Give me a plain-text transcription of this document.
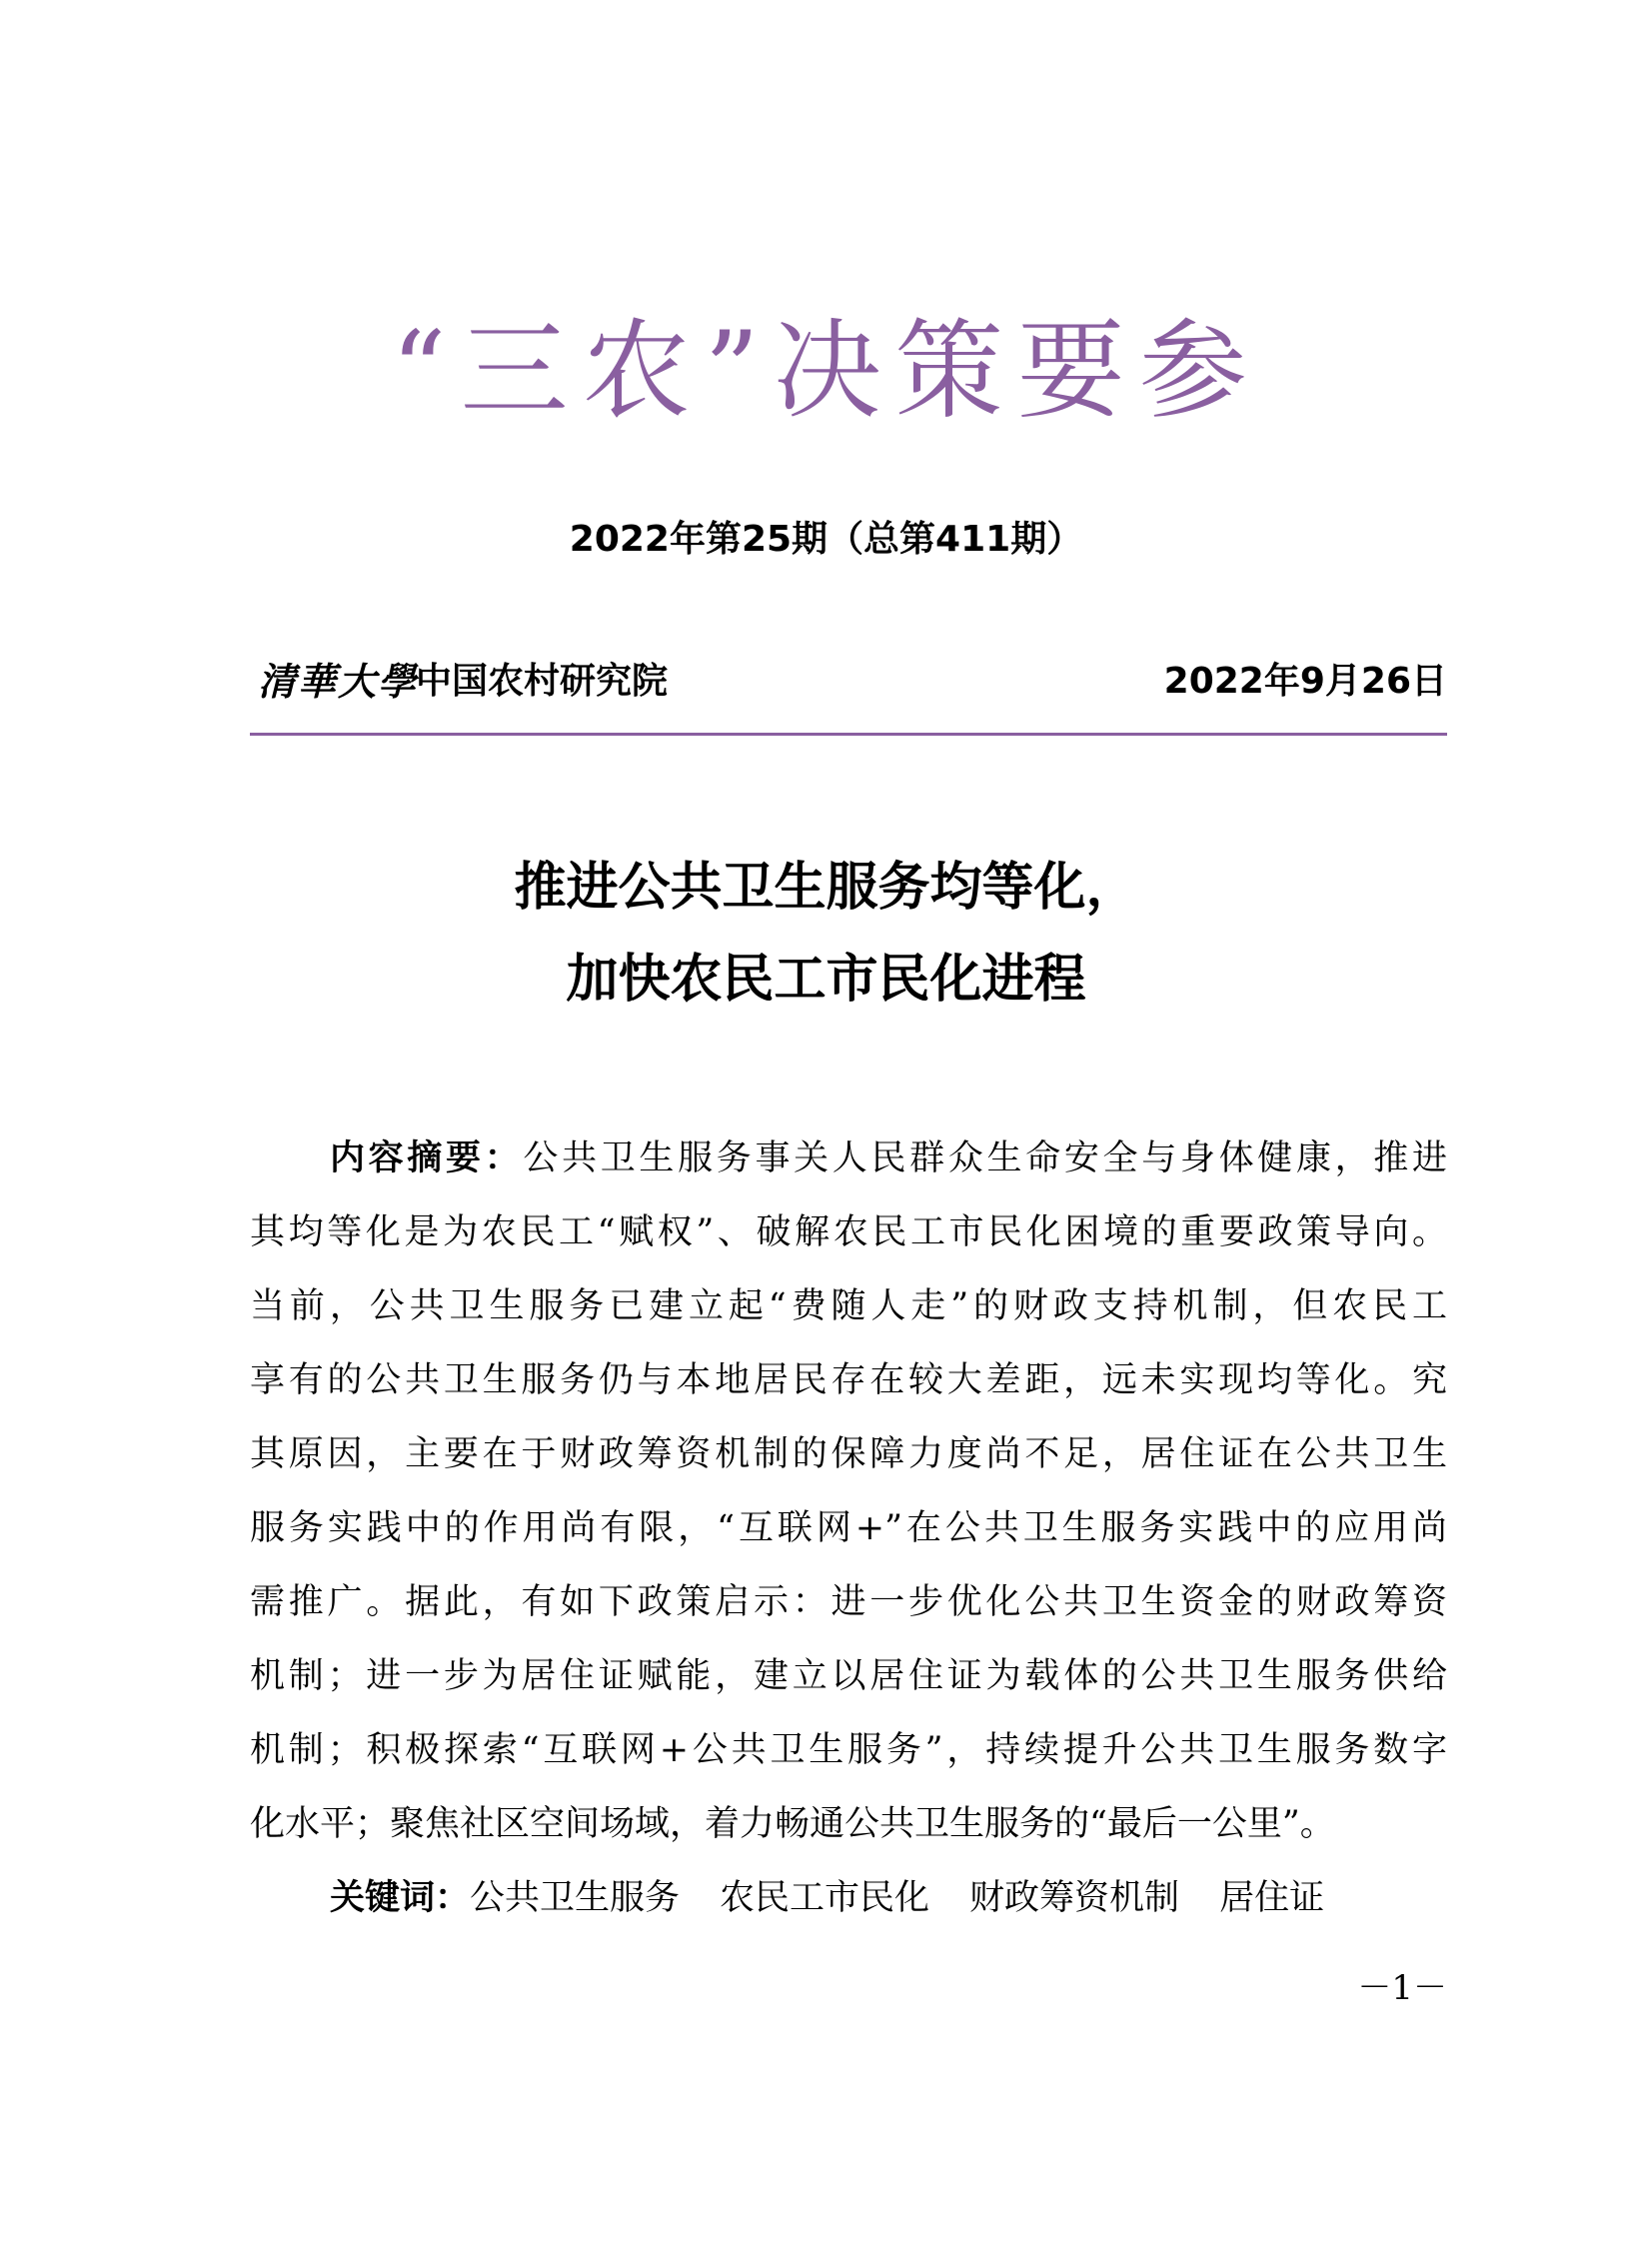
“三农”决策要参
2022年第25期（总第411期）
清華大學
中国农村研究院	2022年9月26日
推进公共卫生服务均等化，
加快农民工市民化进程
内容摘要：公共卫生服务事关人民群众生命安全与身体健康，推进
其均等化是为农民工“赋权”、破解农民工市民化困境的重要政策导向。
当前，公共卫生服务已建立起“费随人走”的财政支持机制，但农民工
享有的公共卫生服务仍与本地居民存在较大差距，远未实现均等化。究
其原因，主要在于财政筹资机制的保障力度尚不足，居住证在公共卫生
服务实践中的作用尚有限，“互联网+”在公共卫生服务实践中的应用尚
需推广。据此，有如下政策启示：进一步优化公共卫生资金的财政筹资
机制；进一步为居住证赋能，建立以居住证为载体的公共卫生服务供给
机制；积极探索“互联网+公共卫生服务”，持续提升公共卫生服务数字
化水平；聚焦社区空间场域，着力畅通公共卫生服务的“最后一公里”。
关键词：公共卫生服务 农民工市民化 财政筹资机制 居住证
－1－
